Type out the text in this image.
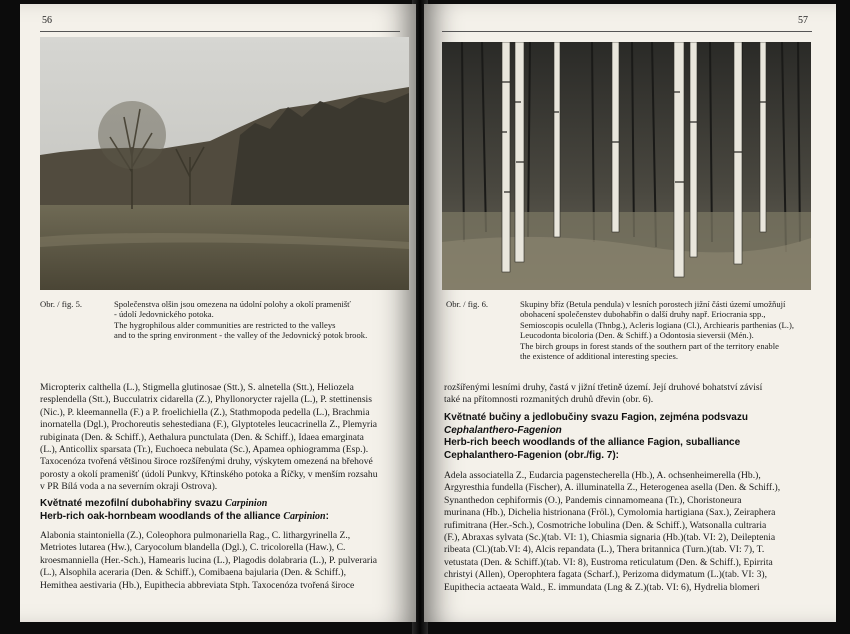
56
Obr. / fig. 5.	Společenstva olšin jsou omezena na údolní polohy a okolí pramenišť
- údolí Jedovnického potoka.
The hygrophilous alder communities are restricted to the valleys
and to the spring environment - the valley of the Jedovnický potok brook.
Micropterix calthella (L.), Stigmella glutinosae (Stt.), S. alnetella (Stt.), Heliozela
resplendella (Stt.), Bucculatrix cidarella (Z.), Phyllonorycter rajella (L.), P. stettinensis
(Nic.), P. kleemannella (F.) a P. froelichiella (Z.), Stathmopoda pedella (L.), Brachmia
inornatella (Dgl.), Prochoreutis sehestediana (F.), Glyptoteles leucacrinella Z., Plemyria
rubiginata (Den. & Schiff.), Aethalura punctulata (Den. & Schiff.), Idaea emarginata
(L.), Anticollix sparsata (Tr.), Euchoeca nebulata (Sc.), Apamea ophiogramma (Esp.).
Taxocenóza tvořená většinou široce rozšířenými druhy, výskytem omezená na břehové
porosty a okolí pramenišť (údolí Punkvy, Křtinského potoka a Říčky, v menším rozsahu
v PR Bílá voda a na severním okraji Ostrova).
Květnaté mezofilní dubohabřiny svazu Carpinion
Herb-rich oak-hornbeam woodlands of the alliance Carpinion:
Alabonia staintoniella (Z.), Coleophora pulmonariella Rag., C. lithargyrinella Z.,
Metriotes lutarea (Hw.), Caryocolum blandella (Dgl.), C. tricolorella (Haw.), C.
kroesmanniella (Her.-Sch.), Hamearis lucina (L.), Plagodis dolabraria (L.), P. pulveraria
(L.), Alsophila aceraria (Den. & Schiff.), Comibaena bajularia (Den. & Schiff.),
Hemithea aestivaria (Hb.), Eupithecia abbreviata Stph. Taxocenóza tvořená široce
57
Obr. / fig. 6.	Skupiny bříz (Betula pendula) v lesních porostech jižní části území umožňují
obohacení společenstev dubohabřin o další druhy např. Eriocrania spp.,
Semioscopis oculella (Thnbg.), Acleris logiana (Cl.), Archiearis parthenias (L.),
Leucodonta bicoloria (Den. & Schiff.) a Odontosia sieversii (Mén.).
The birch groups in forest stands of the southern part of the territory enable
the existence of additional interesting species.
rozšířenými lesními druhy, častá v jižní třetině území. Její druhové bohatství závisí
také na přítomnosti rozmanitých druhů dřevin (obr. 6).
Květnaté bučiny a jedlobučiny svazu Fagion, zejména podsvazu
Cephalanthero-Fagenion
Herb-rich beech woodlands of the alliance Fagion, suballiance
Cephalanthero-Fagenion (obr./fig. 7):
Adela associatella Z., Eudarcia pagenstecherella (Hb.), A. ochsenheimerella (Hb.),
Argyresthia fundella (Fischer), A. illuminatella Z., Heterogenea asella (Den. & Schiff.),
Synanthedon cephiformis (O.), Pandemis cinnamomeana (Tr.), Choristoneura
murinana (Hb.), Dichelia histrionana (Fröl.), Cymolomia hartigiana (Sax.), Zeiraphera
rufimitrana (Her.-Sch.), Cosmotriche lobulina (Den. & Schiff.), Watsonalla cultraria
(F.), Abraxas sylvata (Sc.)(tab. VI: 1), Chiasmia signaria (Hb.)(tab. VI: 2), Deileptenia
ribeata (Cl.)(tab.VI: 4), Alcis repandata (L.), Thera britannica (Turn.)(tab. VI: 7), T.
vetustata (Den. & Schiff.)(tab. VI: 8), Eustroma reticulatum (Den. & Schiff.), Epirrita
christyi (Allen), Operophtera fagata (Scharf.), Perizoma didymatum (L.)(tab. VI: 3),
Eupithecia actaeata Wald., E. immundata (Lng & Z.)(tab. VI: 6), Hydrelia blomeri
